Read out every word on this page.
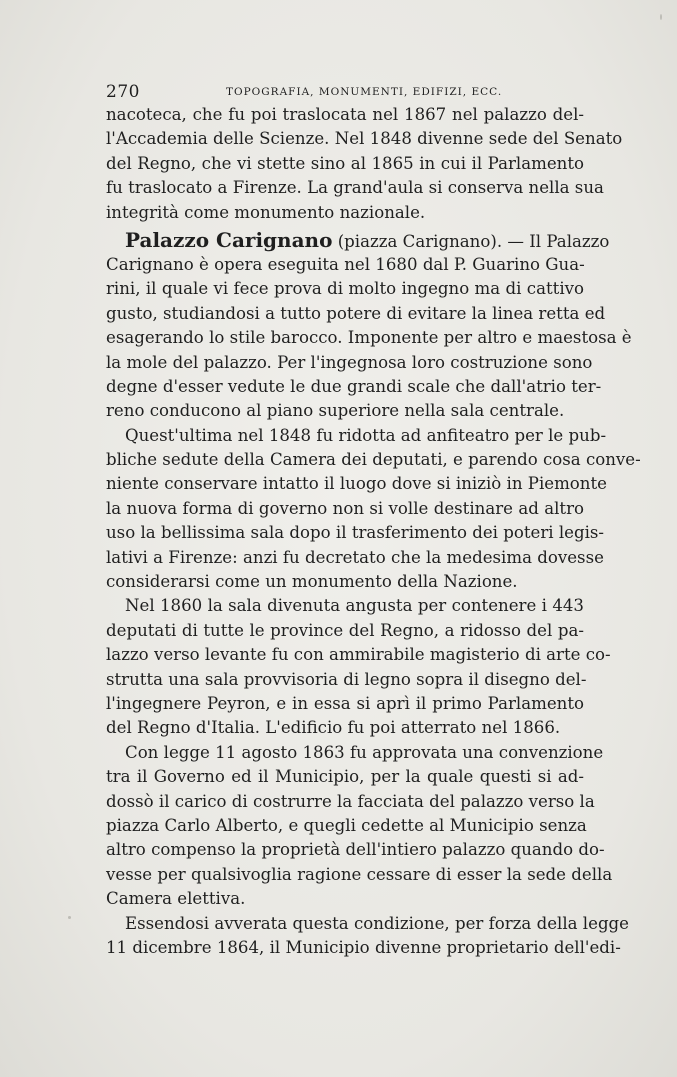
270	TOPOGRAFIA, MONUMENTI, EDIFIZI, ECC.
nacoteca, che fu poi traslocata nel 1867 nel palazzo del-
l'Accademia delle Scienze. Nel 1848 divenne sede del Senato
del Regno, che vi stette sino al 1865 in cui il Parlamento
fu traslocato a Firenze. La grand'aula si conserva nella sua
integrità come monumento nazionale.
Palazzo Carignano (piazza Carignano). — Il Palazzo
Carignano è opera eseguita nel 1680 dal P. Guarino Gua-
rini, il quale vi fece prova di molto ingegno ma di cattivo
gusto, studiandosi a tutto potere di evitare la linea retta ed
esagerando lo stile barocco. Imponente per altro e maestosa è
la mole del palazzo. Per l'ingegnosa loro costruzione sono
degne d'esser vedute le due grandi scale che dall'atrio ter-
reno conducono al piano superiore nella sala centrale.
Quest'ultima nel 1848 fu ridotta ad anfiteatro per le pub-
bliche sedute della Camera dei deputati, e parendo cosa conve-
niente conservare intatto il luogo dove si iniziò in Piemonte
la nuova forma di governo non si volle destinare ad altro
uso la bellissima sala dopo il trasferimento dei poteri legis-
lativi a Firenze: anzi fu decretato che la medesima dovesse
considerarsi come un monumento della Nazione.
Nel 1860 la sala divenuta angusta per contenere i 443
deputati di tutte le province del Regno, a ridosso del pa-
lazzo verso levante fu con ammirabile magisterio di arte co-
strutta una sala provvisoria di legno sopra il disegno del-
l'ingegnere Peyron, e in essa si aprì il primo Parlamento
del Regno d'Italia. L'edificio fu poi atterrato nel 1866.
Con legge 11 agosto 1863 fu approvata una convenzione
tra il Governo ed il Municipio, per la quale questi si ad-
dossò il carico di costrurre la facciata del palazzo verso la
piazza Carlo Alberto, e quegli cedette al Municipio senza
altro compenso la proprietà dell'intiero palazzo quando do-
vesse per qualsivoglia ragione cessare di esser la sede della
Camera elettiva.
Essendosi avverata questa condizione, per forza della legge
11 dicembre 1864, il Municipio divenne proprietario dell'edi-
